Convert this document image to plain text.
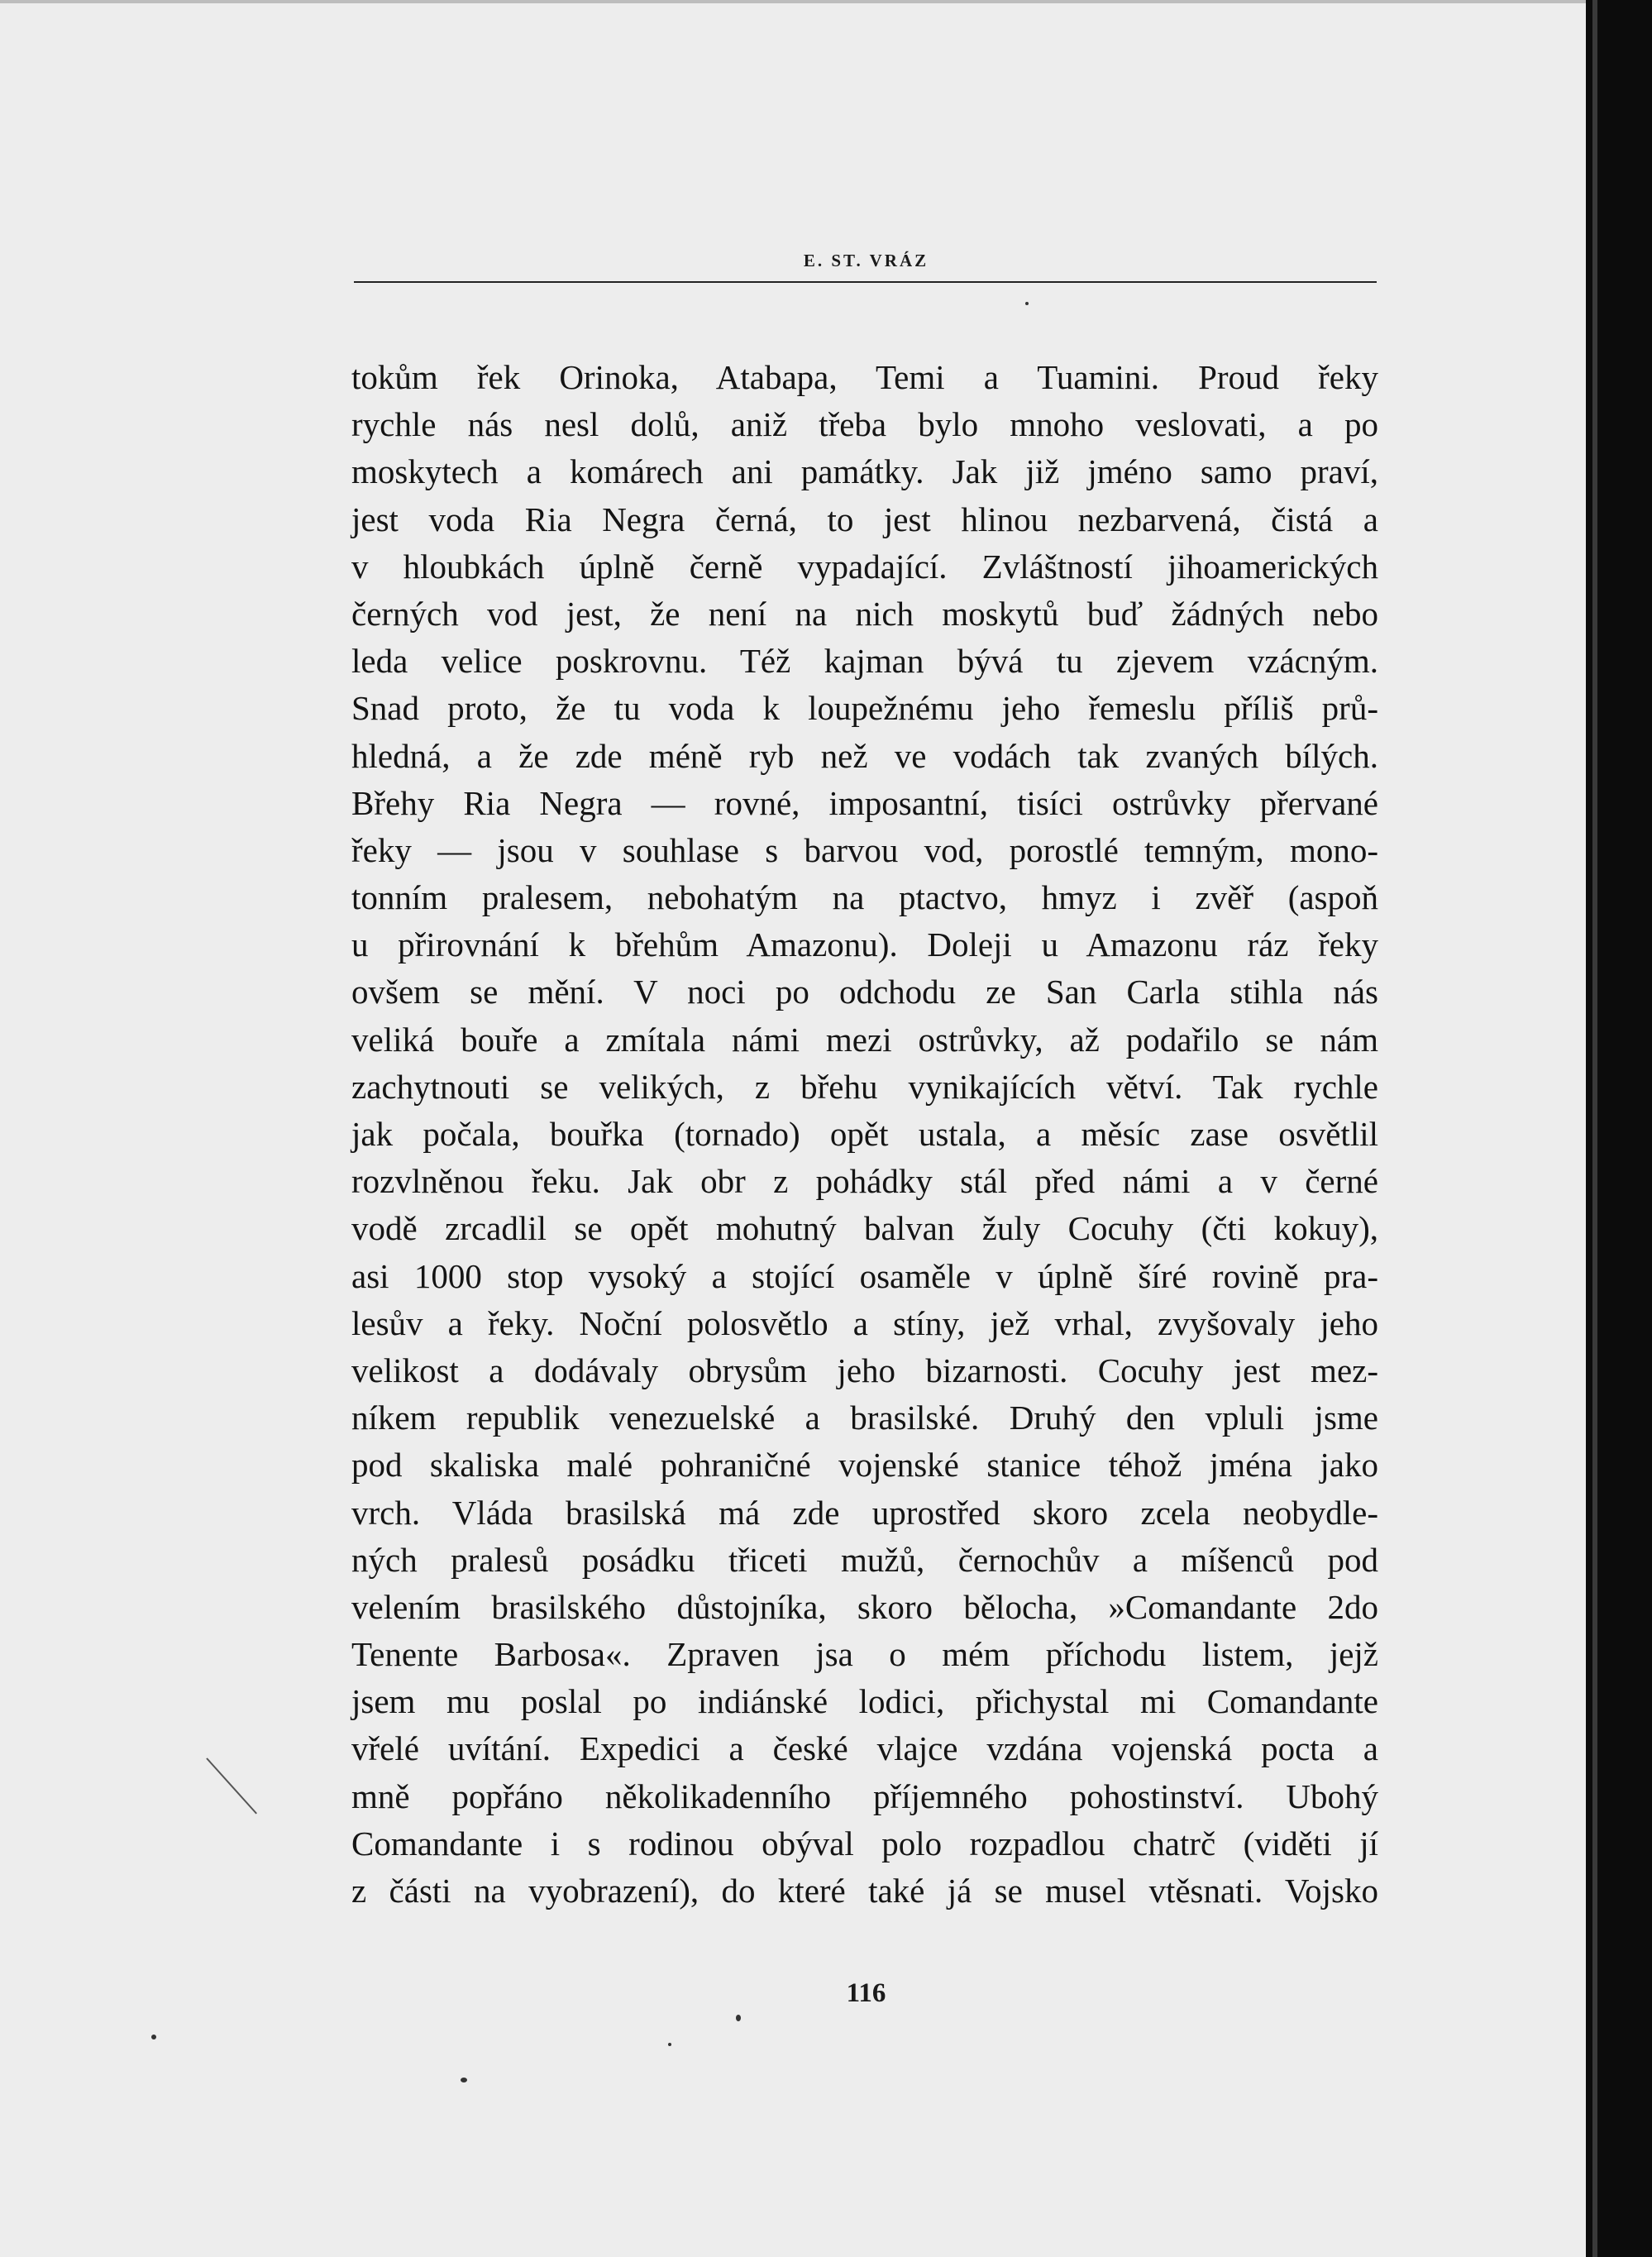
E. ST. VRÁZ
tokům řek Orinoka, Atabapa, Temi a Tuamini. Proud řeky
rychle nás nesl dolů, aniž třeba bylo mnoho veslovati, a po
moskytech a komárech ani památky. Jak již jméno samo praví,
jest voda Ria Negra černá, to jest hlinou nezbarvená, čistá a
v hloubkách úplně černě vypadající. Zvláštností jihoamerických
černých vod jest, že není na nich moskytů buď žádných nebo
leda velice poskrovnu. Též kajman bývá tu zjevem vzácným.
Snad proto, že tu voda k loupežnému jeho řemeslu příliš prů-
hledná, a že zde méně ryb než ve vodách tak zvaných bílých.
Břehy Ria Negra — rovné, imposantní, tisíci ostrůvky přervané
řeky — jsou v souhlase s barvou vod, porostlé temným, mono-
tonním pralesem, nebohatým na ptactvo, hmyz i zvěř (aspoň
u přirovnání k břehům Amazonu). Doleji u Amazonu ráz řeky
ovšem se mění. V noci po odchodu ze San Carla stihla nás
veliká bouře a zmítala námi mezi ostrůvky, až podařilo se nám
zachytnouti se velikých, z břehu vynikajících větví. Tak rychle
jak počala, bouřka (tornado) opět ustala, a měsíc zase osvětlil
rozvlněnou řeku. Jak obr z pohádky stál před námi a v černé
vodě zrcadlil se opět mohutný balvan žuly Cocuhy (čti kokuy),
asi 1000 stop vysoký a stojící osaměle v úplně šíré rovině pra-
lesův a řeky. Noční polosvětlo a stíny, jež vrhal, zvyšovaly jeho
velikost a dodávaly obrysům jeho bizarnosti. Cocuhy jest mez-
níkem republik venezuelské a brasilské. Druhý den vpluli jsme
pod skaliska malé pohraničné vojenské stanice téhož jména jako
vrch. Vláda brasilská má zde uprostřed skoro zcela neobydle-
ných pralesů posádku třiceti mužů, černochův a míšenců pod
velením brasilského důstojníka, skoro bělocha, »Comandante 2do
Tenente Barbosa«. Zpraven jsa o mém příchodu listem, jejž
jsem mu poslal po indiánské lodici, přichystal mi Comandante
vřelé uvítání. Expedici a české vlajce vzdána vojenská pocta a
mně popřáno několikadenního příjemného pohostinství. Ubohý
Comandante i s rodinou obýval polo rozpadlou chatrč (viděti jí
z části na vyobrazení), do které také já se musel vtěsnati. Vojsko
116
